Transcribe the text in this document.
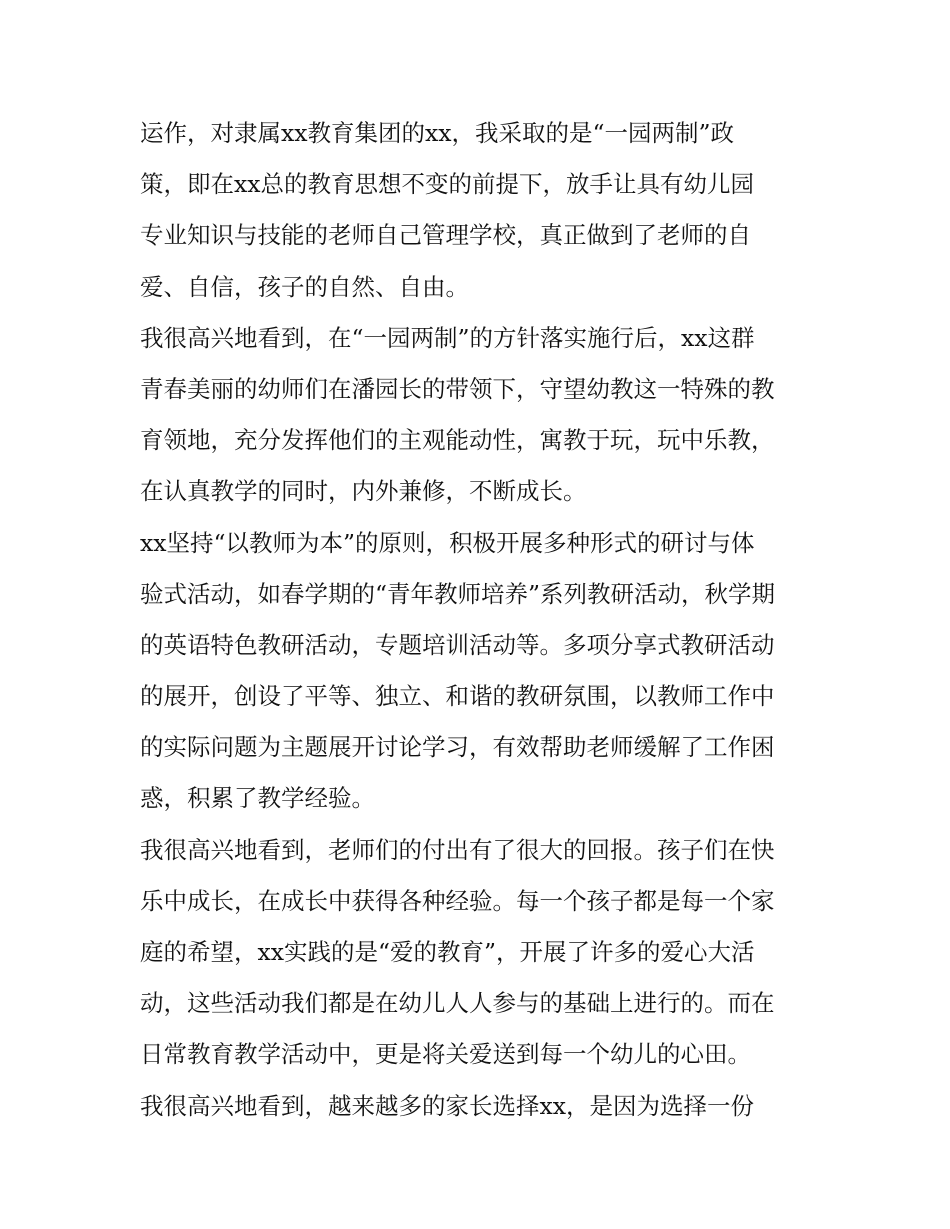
运作，对隶属xx教育集团的xx，我采取的是“一园两制”政
策，即在xx总的教育思想不变的前提下，放手让具有幼儿园
专业知识与技能的老师自己管理学校，真正做到了老师的自
爱、自信，孩子的自然、自由。
我很高兴地看到，在“一园两制”的方针落实施行后，xx这群
青春美丽的幼师们在潘园长的带领下，守望幼教这一特殊的教
育领地，充分发挥他们的主观能动性，寓教于玩，玩中乐教，
在认真教学的同时，内外兼修，不断成长。
xx坚持“以教师为本”的原则，积极开展多种形式的研讨与体
验式活动，如春学期的“青年教师培养”系列教研活动，秋学期
的英语特色教研活动，专题培训活动等。多项分享式教研活动
的展开，创设了平等、独立、和谐的教研氛围，以教师工作中
的实际问题为主题展开讨论学习，有效帮助老师缓解了工作困
惑，积累了教学经验。
我很高兴地看到，老师们的付出有了很大的回报。孩子们在快
乐中成长，在成长中获得各种经验。每一个孩子都是每一个家
庭的希望，xx实践的是“爱的教育”，开展了许多的爱心大活
动，这些活动我们都是在幼儿人人参与的基础上进行的。而在
日常教育教学活动中，更是将关爱送到每一个幼儿的心田。
我很高兴地看到，越来越多的家长选择xx，是因为选择一份
